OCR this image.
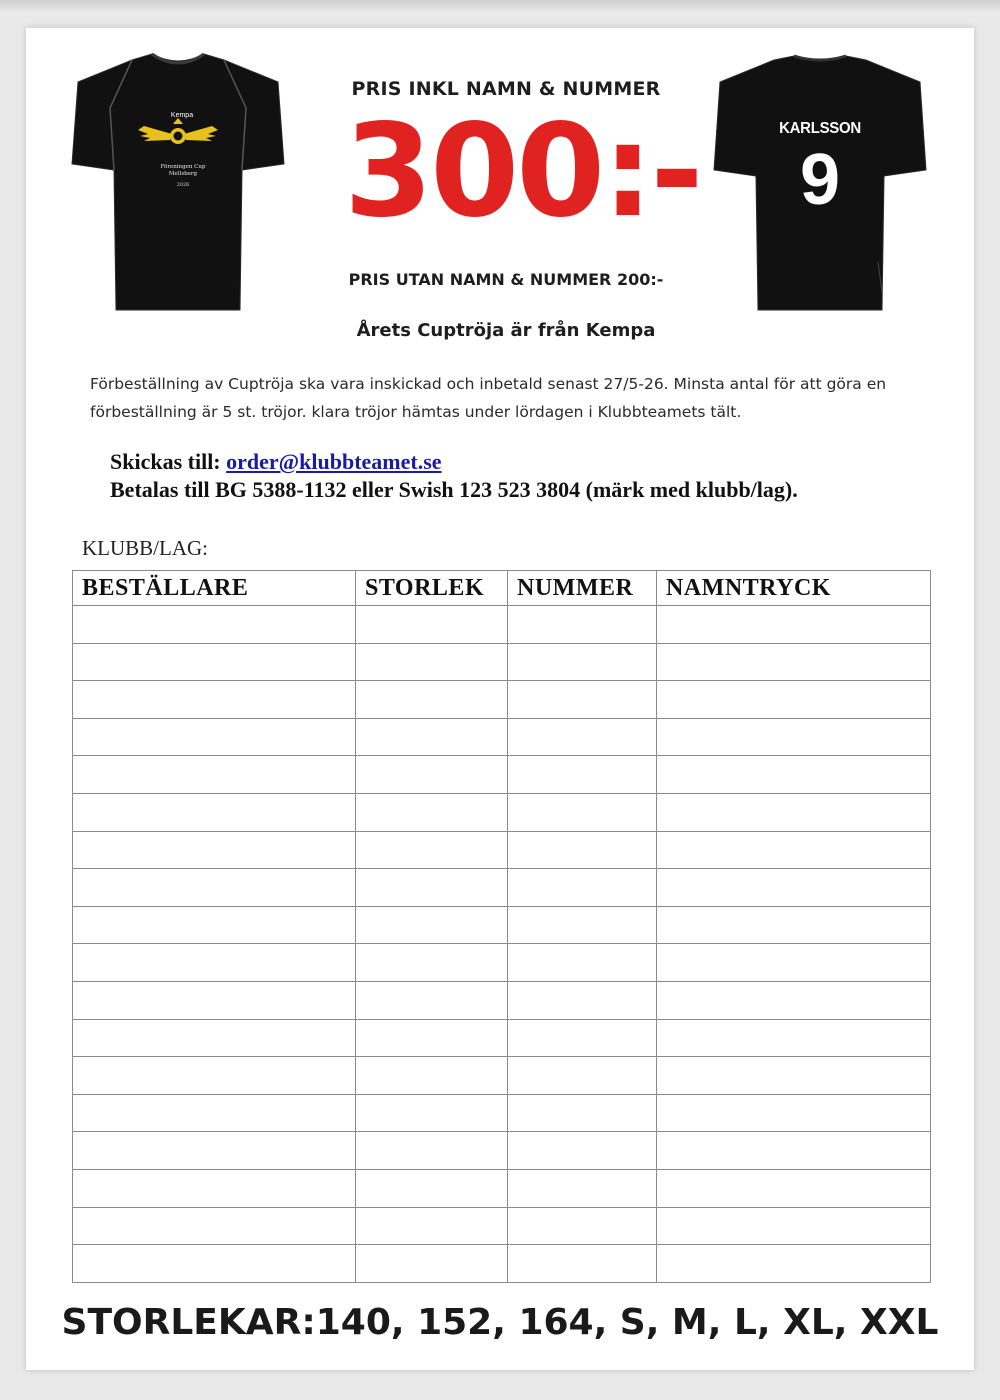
Kempa
Föreningen Cup
Mellsberg
2026
KARLSSON
9
PRIS INKL NAMN & NUMMER
300:-
PRIS UTAN NAMN & NUMMER 200:-
Årets Cuptröja är från Kempa
Förbeställning av Cuptröja ska vara inskickad och inbetald senast 27/5-26. Minsta antal för att göra en förbeställning är 5 st. tröjor. klara tröjor hämtas under lördagen i Klubbteamets tält.
Skickas till: order@klubbteamet.se
Betalas till BG 5388-1132 eller Swish 123 523 3804 (märk med klubb/lag).
KLUBB/LAG:
BESTÄLLARE	STORLEK	NUMMER	NAMNTRYCK

STORLEKAR:140, 152, 164, S, M, L, XL, XXL
